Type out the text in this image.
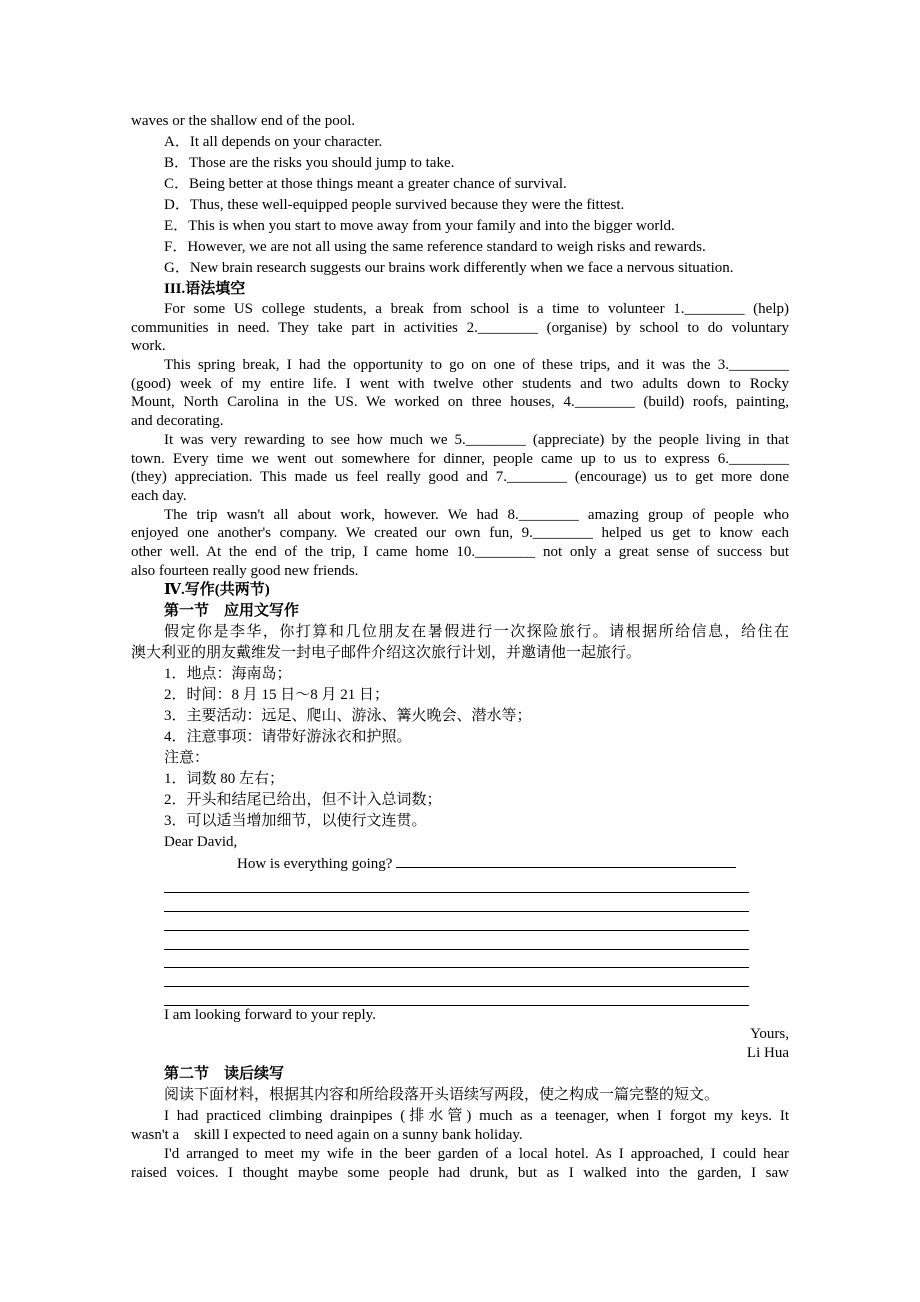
waves or the shallow end of the pool.
A．It all depends on your character.
B．Those are the risks you should jump to take.
C．Being better at those things meant a greater chance of survival.
D．Thus, these well-equipped people survived because they were the fittest.
E．This is when you start to move away from your family and into the bigger world.
F．However, we are not all using the same reference standard to weigh risks and rewards.
G．New brain research suggests our brains work differently when we face a nervous situation.
III.语法填空
For some US college students, a break from school is a time to volunteer 1.________ (help)
communities in need. They take part in activities 2.________ (organise) by school to do voluntary
work.
This spring break, I had the opportunity to go on one of these trips, and it was the 3.________
(good) week of my entire life. I went with twelve other students and two adults down to Rocky
Mount, North Carolina in the US. We worked on three houses, 4.________ (build) roofs, painting,
and decorating.
It was very rewarding to see how much we 5.________ (appreciate) by the people living in that
town. Every time we went out somewhere for dinner, people came up to us to express 6.________
(they) appreciation. This made us feel really good and 7.________ (encourage) us to get more done
each day.
The trip wasn't all about work, however. We had 8.________ amazing group of people who
enjoyed one another's company. We created our own fun, 9.________ helped us get to know each
other well. At the end of the trip, I came home 10.________ not only a great sense of success but
also fourteen really good new friends.
Ⅳ.写作(共两节)
第一节　应用文写作
假定你是李华，你打算和几位朋友在暑假进行一次探险旅行。请根据所给信息，给住在
澳大利亚的朋友戴维发一封电子邮件介绍这次旅行计划，并邀请他一起旅行。
1．地点：海南岛；
2．时间：8 月 15 日～8 月 21 日；
3．主要活动：远足、爬山、游泳、篝火晚会、潜水等；
4．注意事项：请带好游泳衣和护照。
注意：
1．词数 80 左右；
2．开头和结尾已给出，但不计入总词数；
3．可以适当增加细节，以使行文连贯。
Dear David,
How is everything going?
I am looking forward to your reply.
Yours,
Li Hua
第二节　读后续写
阅读下面材料，根据其内容和所给段落开头语续写两段，使之构成一篇完整的短文。
I had practiced climbing drainpipes (排水管) much as a teenager, when I forgot my keys. It
wasn't a　skill I expected to need again on a sunny bank holiday.
I'd arranged to meet my wife in the beer garden of a local hotel. As I approached, I could hear
raised voices. I thought maybe some people had drunk, but as I walked into the garden, I saw
